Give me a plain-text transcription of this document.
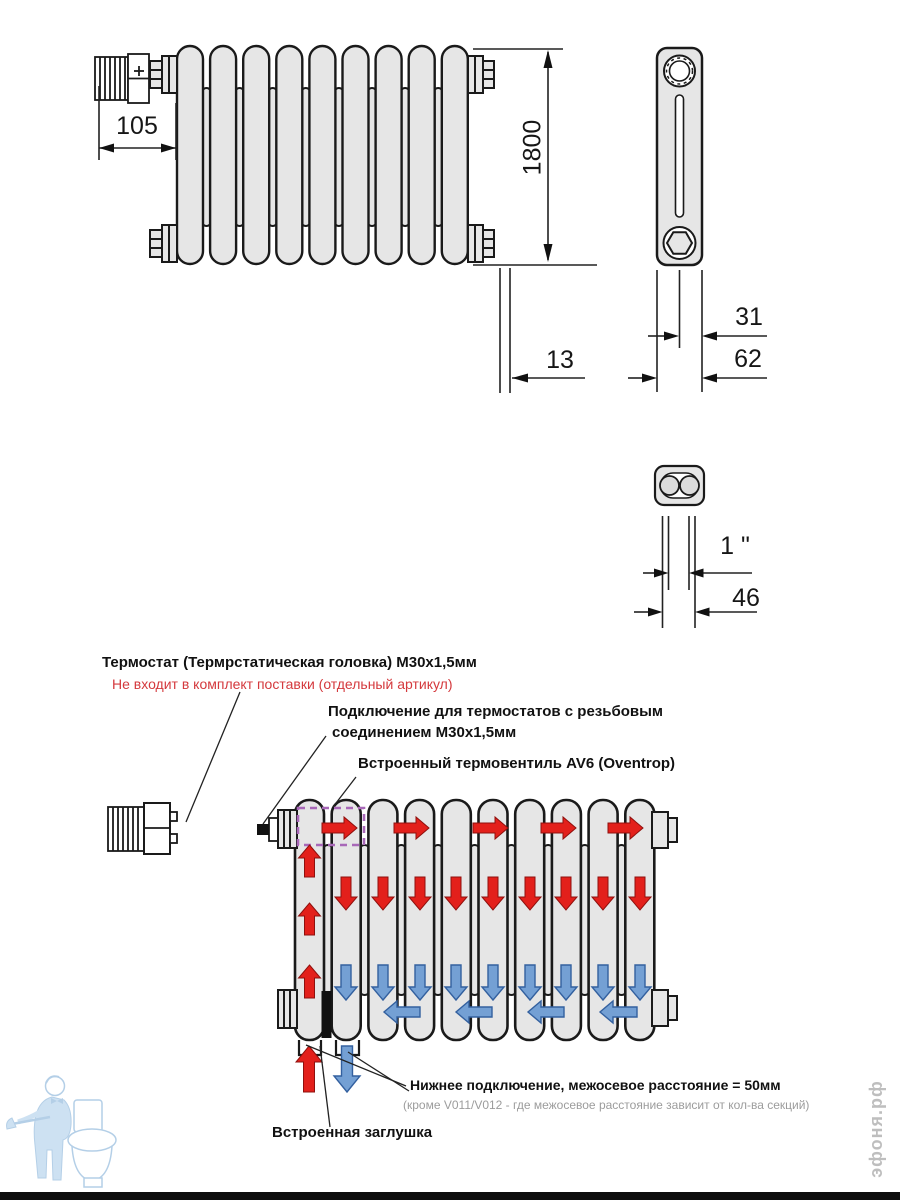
105	1800
13
31
62
1 "
46
Термостат (Термрстатическая головка) М30х1,5мм
Не входит в комплект поставки (отдельный артикул)
Подключение для термостатов с резьбовым
соединением М30х1,5мм
Встроенный термовентиль AV6 (Oventrop)
Нижнее подключение, межосевое расстояние = 50мм
(кроме V011/V012 - где межосевое расстояние зависит от кол-ва секций)
Встроенная заглушка	эфоня.рф
